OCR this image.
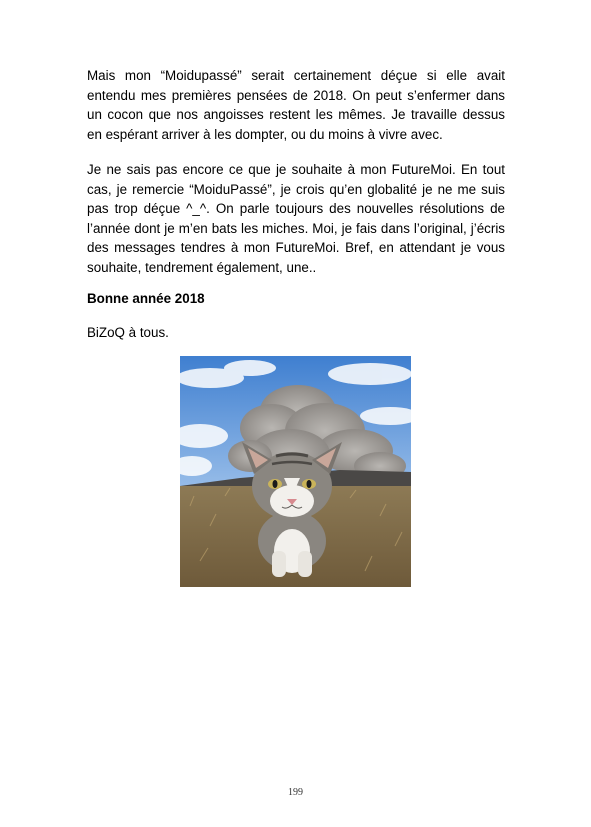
Mais mon “Moidupassé” serait certainement déçue si elle avait entendu mes premières pensées de 2018. On peut s’enfermer dans un cocon que nos angoisses restent les mêmes. Je travaille dessus en espérant arriver à les dompter, ou du moins à vivre avec.

Je ne sais pas encore ce que je souhaite à mon FutureMoi. En tout cas, je remercie “MoiduPassé”, je crois qu’en globalité je ne me suis pas trop déçue ^_^. On parle toujours des nouvelles résolutions de l’année dont je m’en bats les miches. Moi, je fais dans l’original, j’écris des messages tendres à mon FutureMoi. Bref, en attendant je vous souhaite, tendrement également, une..

Bonne année 2018

BiZoQ à tous.

199
